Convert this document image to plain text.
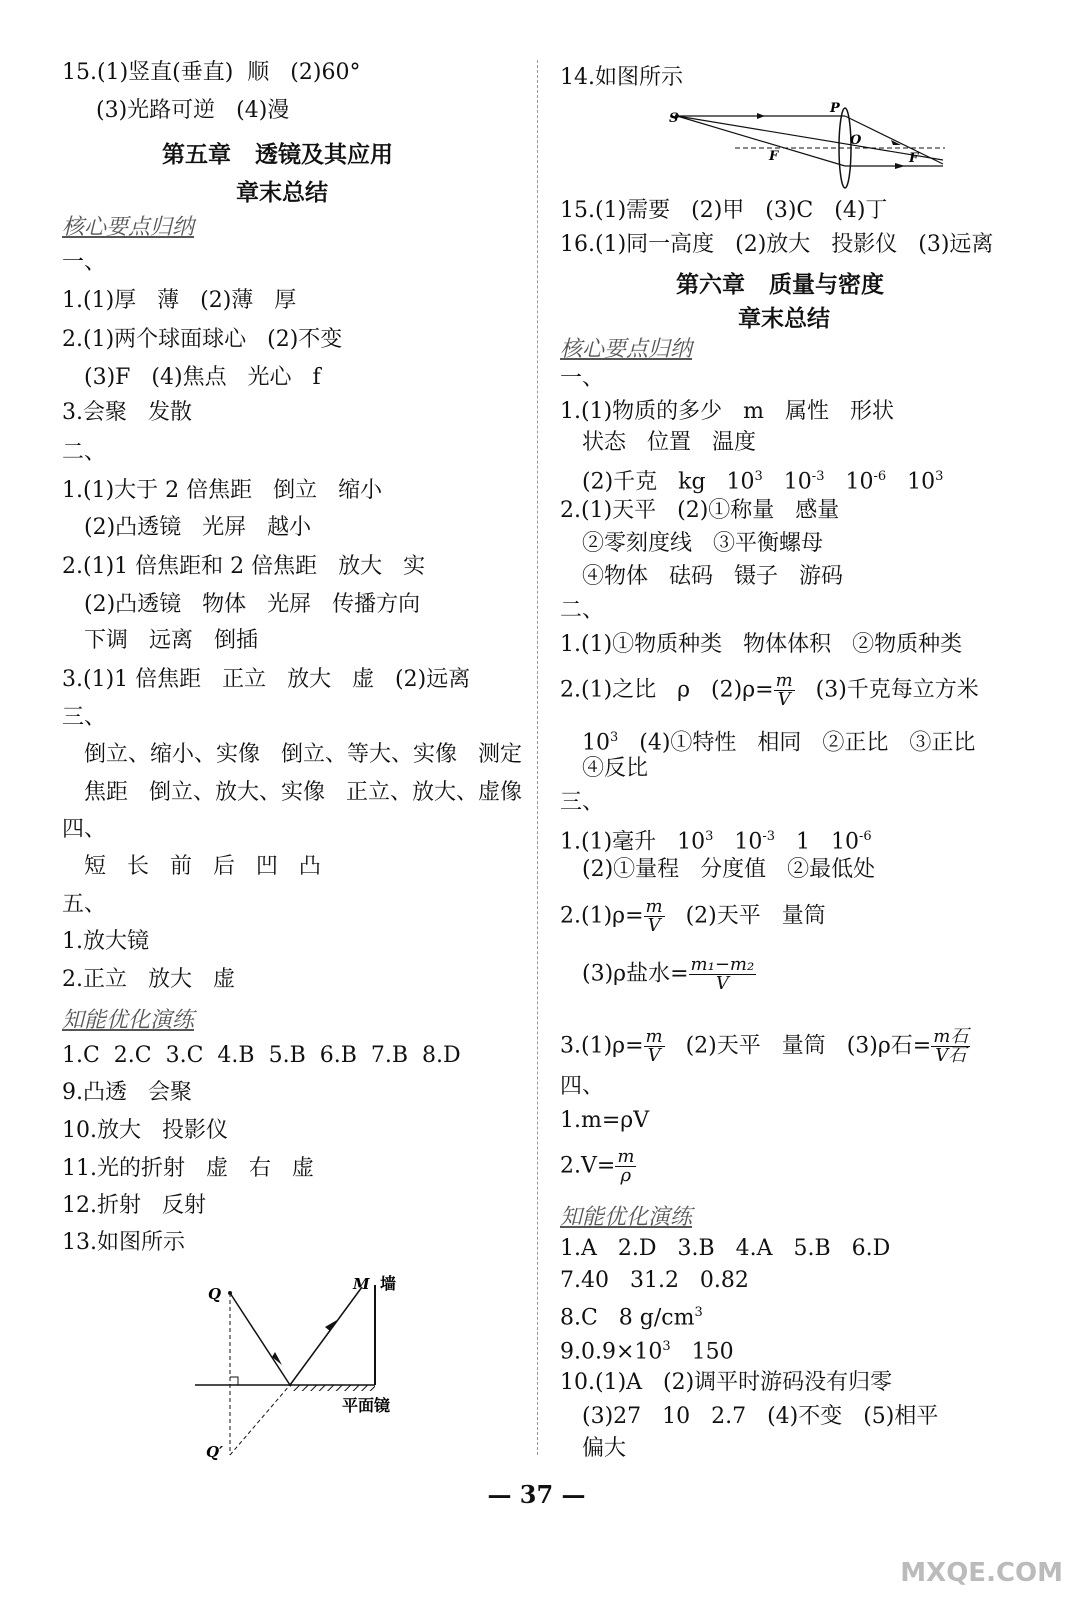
15.(1)竖直(垂直)  顺   (2)60°
(3)光路可逆   (4)漫
第五章   透镜及其应用
章末总结
核心要点归纳
一、
1.(1)厚   薄   (2)薄   厚
2.(1)两个球面球心   (2)不变
(3)F   (4)焦点   光心   f
3.会聚   发散
二、
1.(1)大于 2 倍焦距   倒立   缩小
(2)凸透镜   光屏   越小
2.(1)1 倍焦距和 2 倍焦距   放大   实
(2)凸透镜   物体   光屏   传播方向
下调   远离   倒插
3.(1)1 倍焦距   正立   放大   虚   (2)远离
三、
倒立、缩小、实像   倒立、等大、实像   测定
焦距   倒立、放大、实像   正立、放大、虚像
四、
短   长   前   后   凹   凸
五、
1.放大镜
2.正立   放大   虚
知能优化演练
1.C  2.C  3.C  4.B  5.B  6.B  7.B  8.D
9.凸透   会聚
10.放大   投影仪
11.光的折射   虚   右   虚
12.折射   反射
13.如图所示
Q
M 墙
平面镜
Q′
14.如图所示
S
P
O
F	F
15.(1)需要   (2)甲   (3)C   (4)丁
16.(1)同一高度   (2)放大   投影仪   (3)远离
第六章   质量与密度
章末总结
核心要点归纳
一、
1.(1)物质的多少   m   属性   形状
状态   位置   温度
(2)千克   kg   $10^3$   $10^{-3}$   $10^{-6}$   $10^3$
2.(1)天平   (2)①称量   感量
②零刻度线   ③平衡螺母
④物体   砝码   镊子   游码
二、
1.(1)①物质种类   物体体积   ②物质种类
2.(1)之比   ρ   $(2)\rho= \frac{m}{V} (3)$千克每立方米
$10^3$   (4)①特性   相同   ②正比   ③正比
④反比
三、
1.(1)毫升   $10^3$   $10^{-3}$   1   $10^{-6}$
(2)①量程   分度值   ②最低处
$2.(1)\rho= \frac{m}{V} (2)$天平   量筒
(3)ρ盐水= $\frac{\text{m₁−m₂}}{V}$
$3.(1)\rho= \frac{m}{V} (2)$天平   量筒   (3)ρ石= $\frac{\text{m石}}{\text{V石}}$
四、
1.m=ρV
$2.V= \frac{m}{\rho}$
知能优化演练
1.A   2.D   3.B   4.A   5.B   6.D
7.40   31.2   0.82
8.C   8 $g/cm^3$
$9.0.9\times 10^3$   150
10.(1)A   (2)调平时游码没有归零
(3)27   10   2.7   (4)不变   (5)相平
偏大
— 37 —
MXQE.COM
